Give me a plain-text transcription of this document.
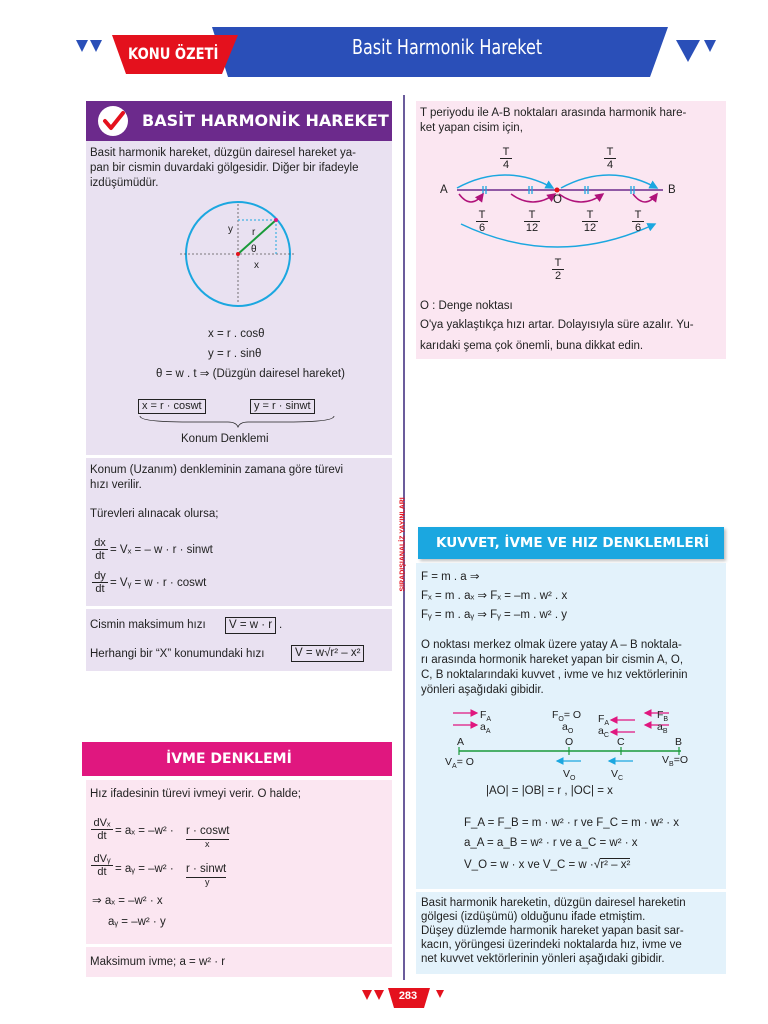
KONU ÖZETİ	Basit Harmonik Hareket
BASİT HARMONİK HAREKET
Basit harmonik hareket, düzgün dairesel hareket ya-
pan bir cismin duvardaki gölgesidir. Diğer bir ifadeyle
izdüşümüdür.
y r
θ
x
x = r . cosθ
y = r . sinθ
θ = w . t ⇒ (Düzgün dairesel hareket)
x = r · coswt	y = r · sinwt
Konum Denklemi
Konum (Uzanım) denkleminin zamana göre türevi
hızı verilir.
Türevleri alınacak olursa;
$\frac{dx}{dt} = V_x$ = – w · r · sinwt
$\frac{dy}{dt}$ = Vᵧ = w · r · coswt
Cismin maksimum hızı	V = w · r .
Herhangi bir “X” konumundaki hızı	V = w√r² – x²
İVME DENKLEMİ
Hız ifadesinin türevi ivmeyi verir. O halde;
dVₓ
dt = aₓ = –w² · r · coswt
x
dVᵧ
dt = aᵧ = –w² · r · sinwt
y
⇒ aₓ = –w² · x
aᵧ = –w² · y
Maksimum ivme; a = w² · r
SIRADIŞIANALİZ YAYINLARI
T periyodu ile A-B noktaları arasında harmonik hare-
ket yapan cisim için,
$\frac{T}{4}$	$\frac{T}{4}$
A	B
O
$\frac{T}{6}$	$\frac{T}{12}$	$\frac{T}{12}$	$\frac{T}{6}$
$\frac{T}{2}$
O : Denge noktası
O'ya yaklaştıkça hızı artar. Dolayısıyla süre azalır. Yu-
karıdaki şema çok önemli, buna dikkat edin.
KUVVET, İVME VE HIZ DENKLEMLERİ
F = m . a ⇒
Fₓ = m . aₓ ⇒ Fₓ = –m . w² . x
Fᵧ = m . aᵧ ⇒ Fᵧ = –m . w² . y
O noktası merkez olmak üzere yatay A – B noktala-
rı arasında hormonik hareket yapan bir cismin A, O,
C, B noktalarındaki kuvvet , ivme ve hız vektörlerinin
yönleri aşağıdaki gibidir.
$F_A$
$a_A$
$F_O= O$
$a_O$
$F_A$
$a_C$
$F_B$
$a_B$
A	O	C	B
$V_A= O$
$V_O$	$V_C$
$V_B=O$
|AO| = |OB| = r , |OC| = x
F_A = F_B = m · w² · r ve F_C = m · w² · x
a_A = a_B = w² · r ve a_C = w² · x
V_O = w · x ve V_C = w ·√r² – x²
Basit harmonik hareketin, düzgün dairesel hareketin
gölgesi (izdüşümü) olduğunu ifade etmiştim.
Düşey düzlemde harmonik hareket yapan basit sar-
kacın, yörüngesi üzerindeki noktalarda hız, ivme ve
net kuvvet vektörlerinin yönleri aşağıdaki gibidir.
283
